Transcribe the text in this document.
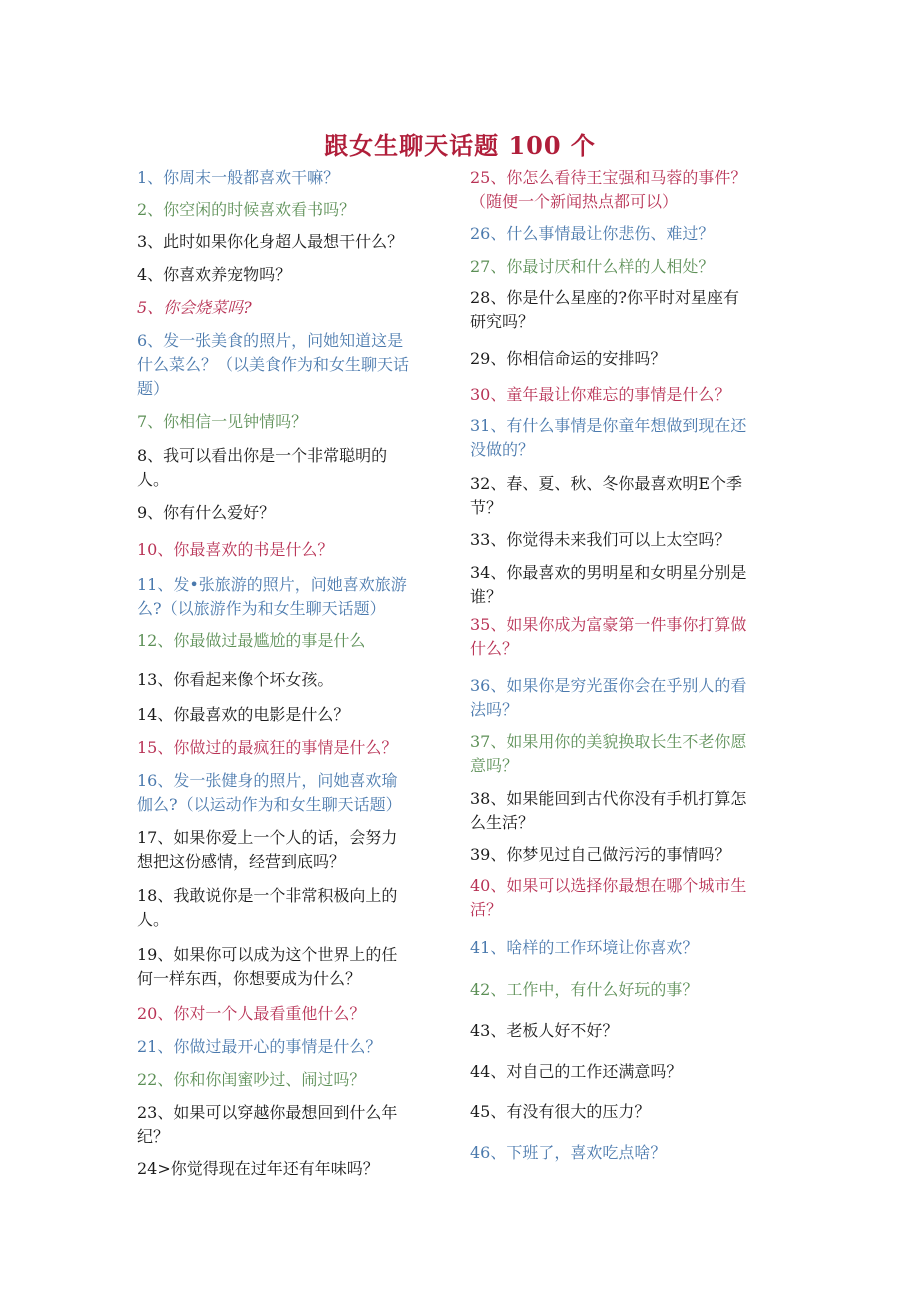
跟女生聊天话题 100 个
1、你周末一般都喜欢干嘛？
2、你空闲的时候喜欢看书吗？
3、此时如果你化身超人最想干什么？
4、你喜欢养宠物吗？
5、你会烧菜吗?
6、发一张美食的照片，问她知道这是
什么菜么？（以美食作为和女生聊天话
题）
7、你相信一见钟情吗？
8、我可以看出你是一个非常聪明的
人。
9、你有什么爱好？
10、你最喜欢的书是什么？
11、发•张旅游的照片，问她喜欢旅游
么?（以旅游作为和女生聊天话题）
12、你最做过最尴尬的事是什么
13、你看起来像个坏女孩。
14、你最喜欢的电影是什么？
15、你做过的最疯狂的事情是什么？
16、发一张健身的照片，问她喜欢瑜
伽么?（以运动作为和女生聊天话题）
17、如果你爱上一个人的话，会努力
想把这份感情，经营到底吗？
18、我敢说你是一个非常积极向上的
人。
19、如果你可以成为这个世界上的任
何一样东西，你想要成为什么？
20、你对一个人最看重他什么？
21、你做过最开心的事情是什么？
22、你和你闺蜜吵过、闹过吗？
23、如果可以穿越你最想回到什么年
纪？
24>你觉得现在过年还有年味吗？
25、你怎么看待王宝强和马蓉的事件？
（随便一个新闻热点都可以）
26、什么事情最让你悲伤、难过？
27、你最讨厌和什么样的人相处？
28、你是什么星座的?你平时对星座有
研究吗？
29、你相信命运的安排吗？
30、童年最让你难忘的事情是什么？
31、有什么事情是你童年想做到现在还
没做的？
32、春、夏、秋、冬你最喜欢明E个季
节？
33、你觉得未来我们可以上太空吗？
34、你最喜欢的男明星和女明星分别是
谁？
35、如果你成为富豪第一件事你打算做
什么？
36、如果你是穷光蛋你会在乎别人的看
法吗？
37、如果用你的美貌换取长生不老你愿
意吗？
38、如果能回到古代你没有手机打算怎
么生活？
39、你梦见过自己做污污的事情吗？
40、如果可以选择你最想在哪个城市生
活？
41、啥样的工作环境让你喜欢？
42、工作中，有什么好玩的事？
43、老板人好不好？
44、对自己的工作还满意吗？
45、有没有很大的压力？
46、下班了，喜欢吃点啥？
